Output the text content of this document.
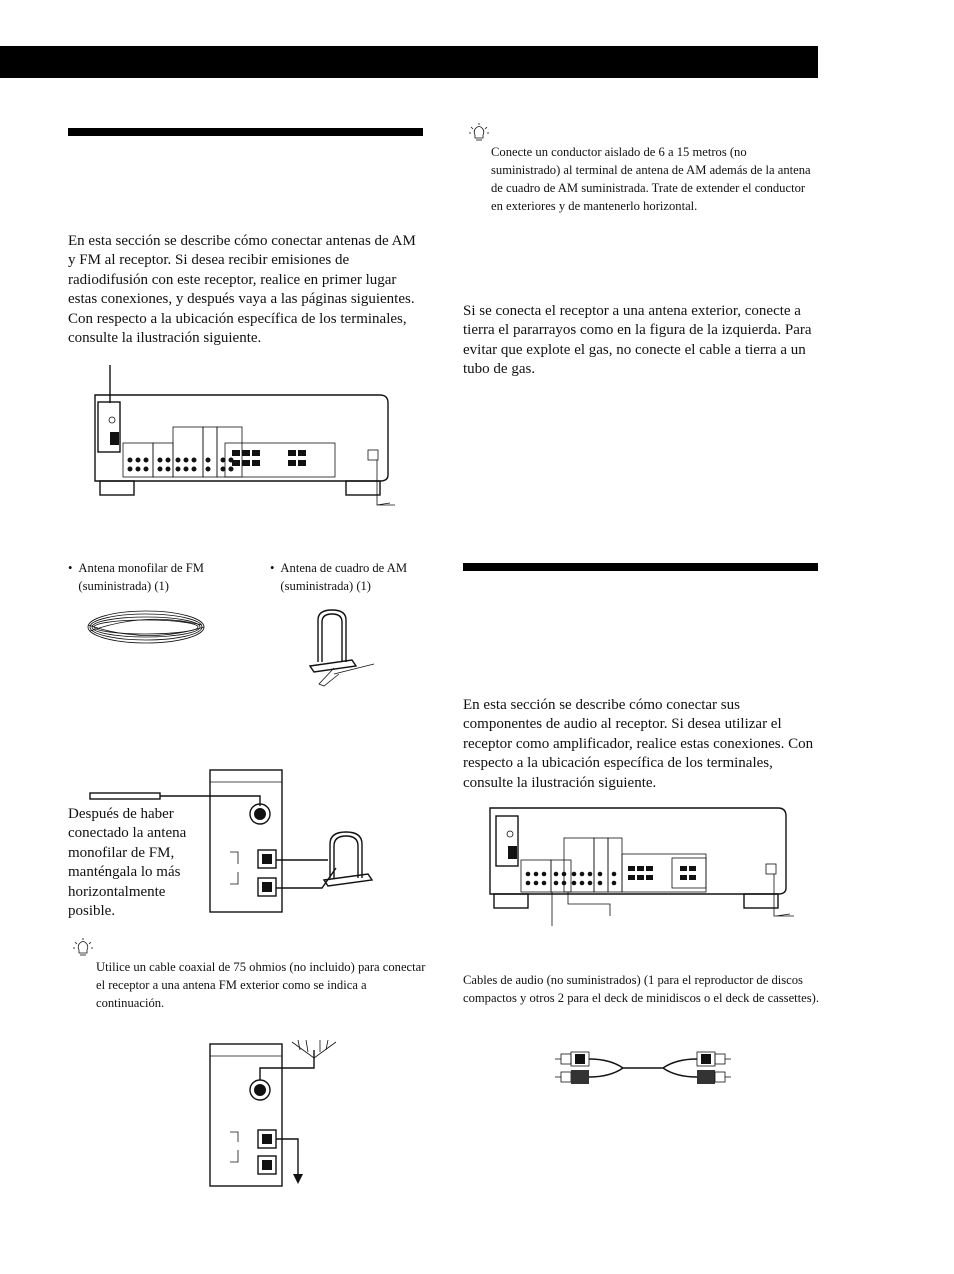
En esta sección se describe cómo conectar antenas de AM y FM al receptor. Si desea recibir emisiones de radiodifusión con este receptor, realice en primer lugar estas conexiones, y después vaya a las páginas siguientes. Con respecto a la ubicación específica de los terminales, consulte la ilustración siguiente.

• Antena monofilar de FM (suministrada) (1)
• Antena de cuadro de AM (suministrada) (1)

Después de haber conectado la antena monofilar de FM, manténgala lo más horizontalmente posible.

Utilice un cable coaxial de 75 ohmios (no incluido) para conectar el receptor a una antena FM exterior como se indica a continuación.

Conecte un conductor aislado de 6 a 15 metros (no suministrado) al terminal de antena de AM además de la antena de cuadro de AM suministrada. Trate de extender el conductor en exteriores y de mantenerlo horizontal.

Si se conecta el receptor a una antena exterior, conecte a tierra el pararrayos como en la figura de la izquierda. Para evitar que explote el gas, no conecte el cable a tierra a un tubo de gas.

En esta sección se describe cómo conectar sus componentes de audio al receptor. Si desea utilizar el receptor como amplificador, realice estas conexiones. Con respecto a la ubicación específica de los terminales, consulte la ilustración siguiente.

Cables de audio (no suministrados) (1 para el reproductor de discos compactos y otros 2 para el deck de minidiscos o el deck de cassettes).
